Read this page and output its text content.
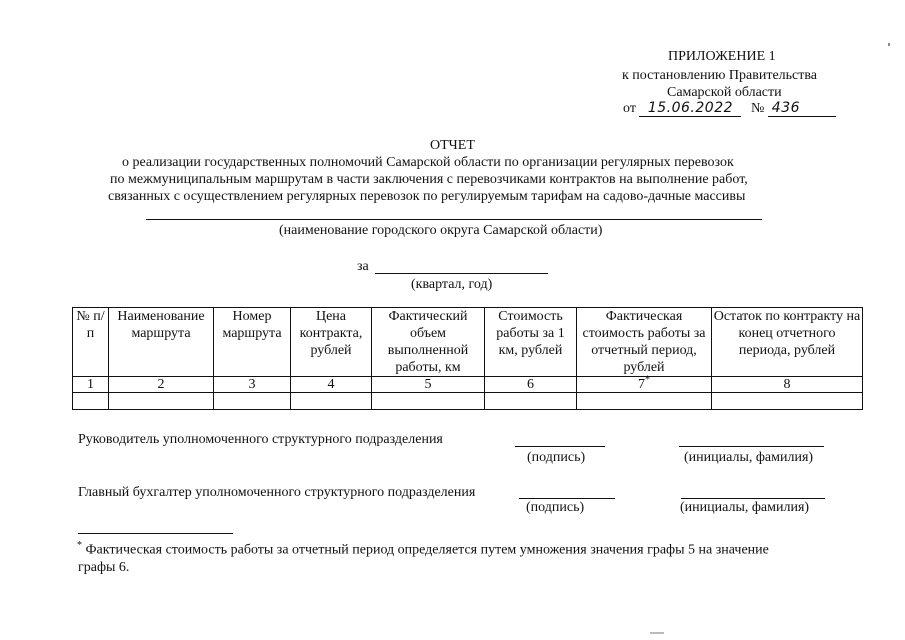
ПРИЛОЖЕНИЕ 1
к постановлению Правительства
Самарской области
от 15.06.2022 № 436
ОТЧЕТ
о реализации государственных полномочий Самарской области по организации регулярных перевозок
по межмуниципальным маршрутам в части заключения с перевозчиками контрактов на выполнение работ,
связанных с осуществлением регулярных перевозок по регулируемым тарифам на садово-дачные массивы
(наименование городского округа Самарской области)
за
(квартал, год)
№ п/п	Наименование маршрута	Номер маршрута	Цена контракта, рублей	Фактический объем выполненной работы, км	Стоимость работы за 1 км, рублей	Фактическая стоимость работы за отчетный период, рублей	Остаток по контракту на конец отчетного периода, рублей
1	2	3	4	5	6	7*	8

Руководитель уполномоченного структурного подразделения
(подпись)	(инициалы, фамилия)
Главный бухгалтер уполномоченного структурного подразделения
(подпись)	(инициалы, фамилия)
* Фактическая стоимость работы за отчетный период определяется путем умножения значения графы 5 на значение
графы 6.
